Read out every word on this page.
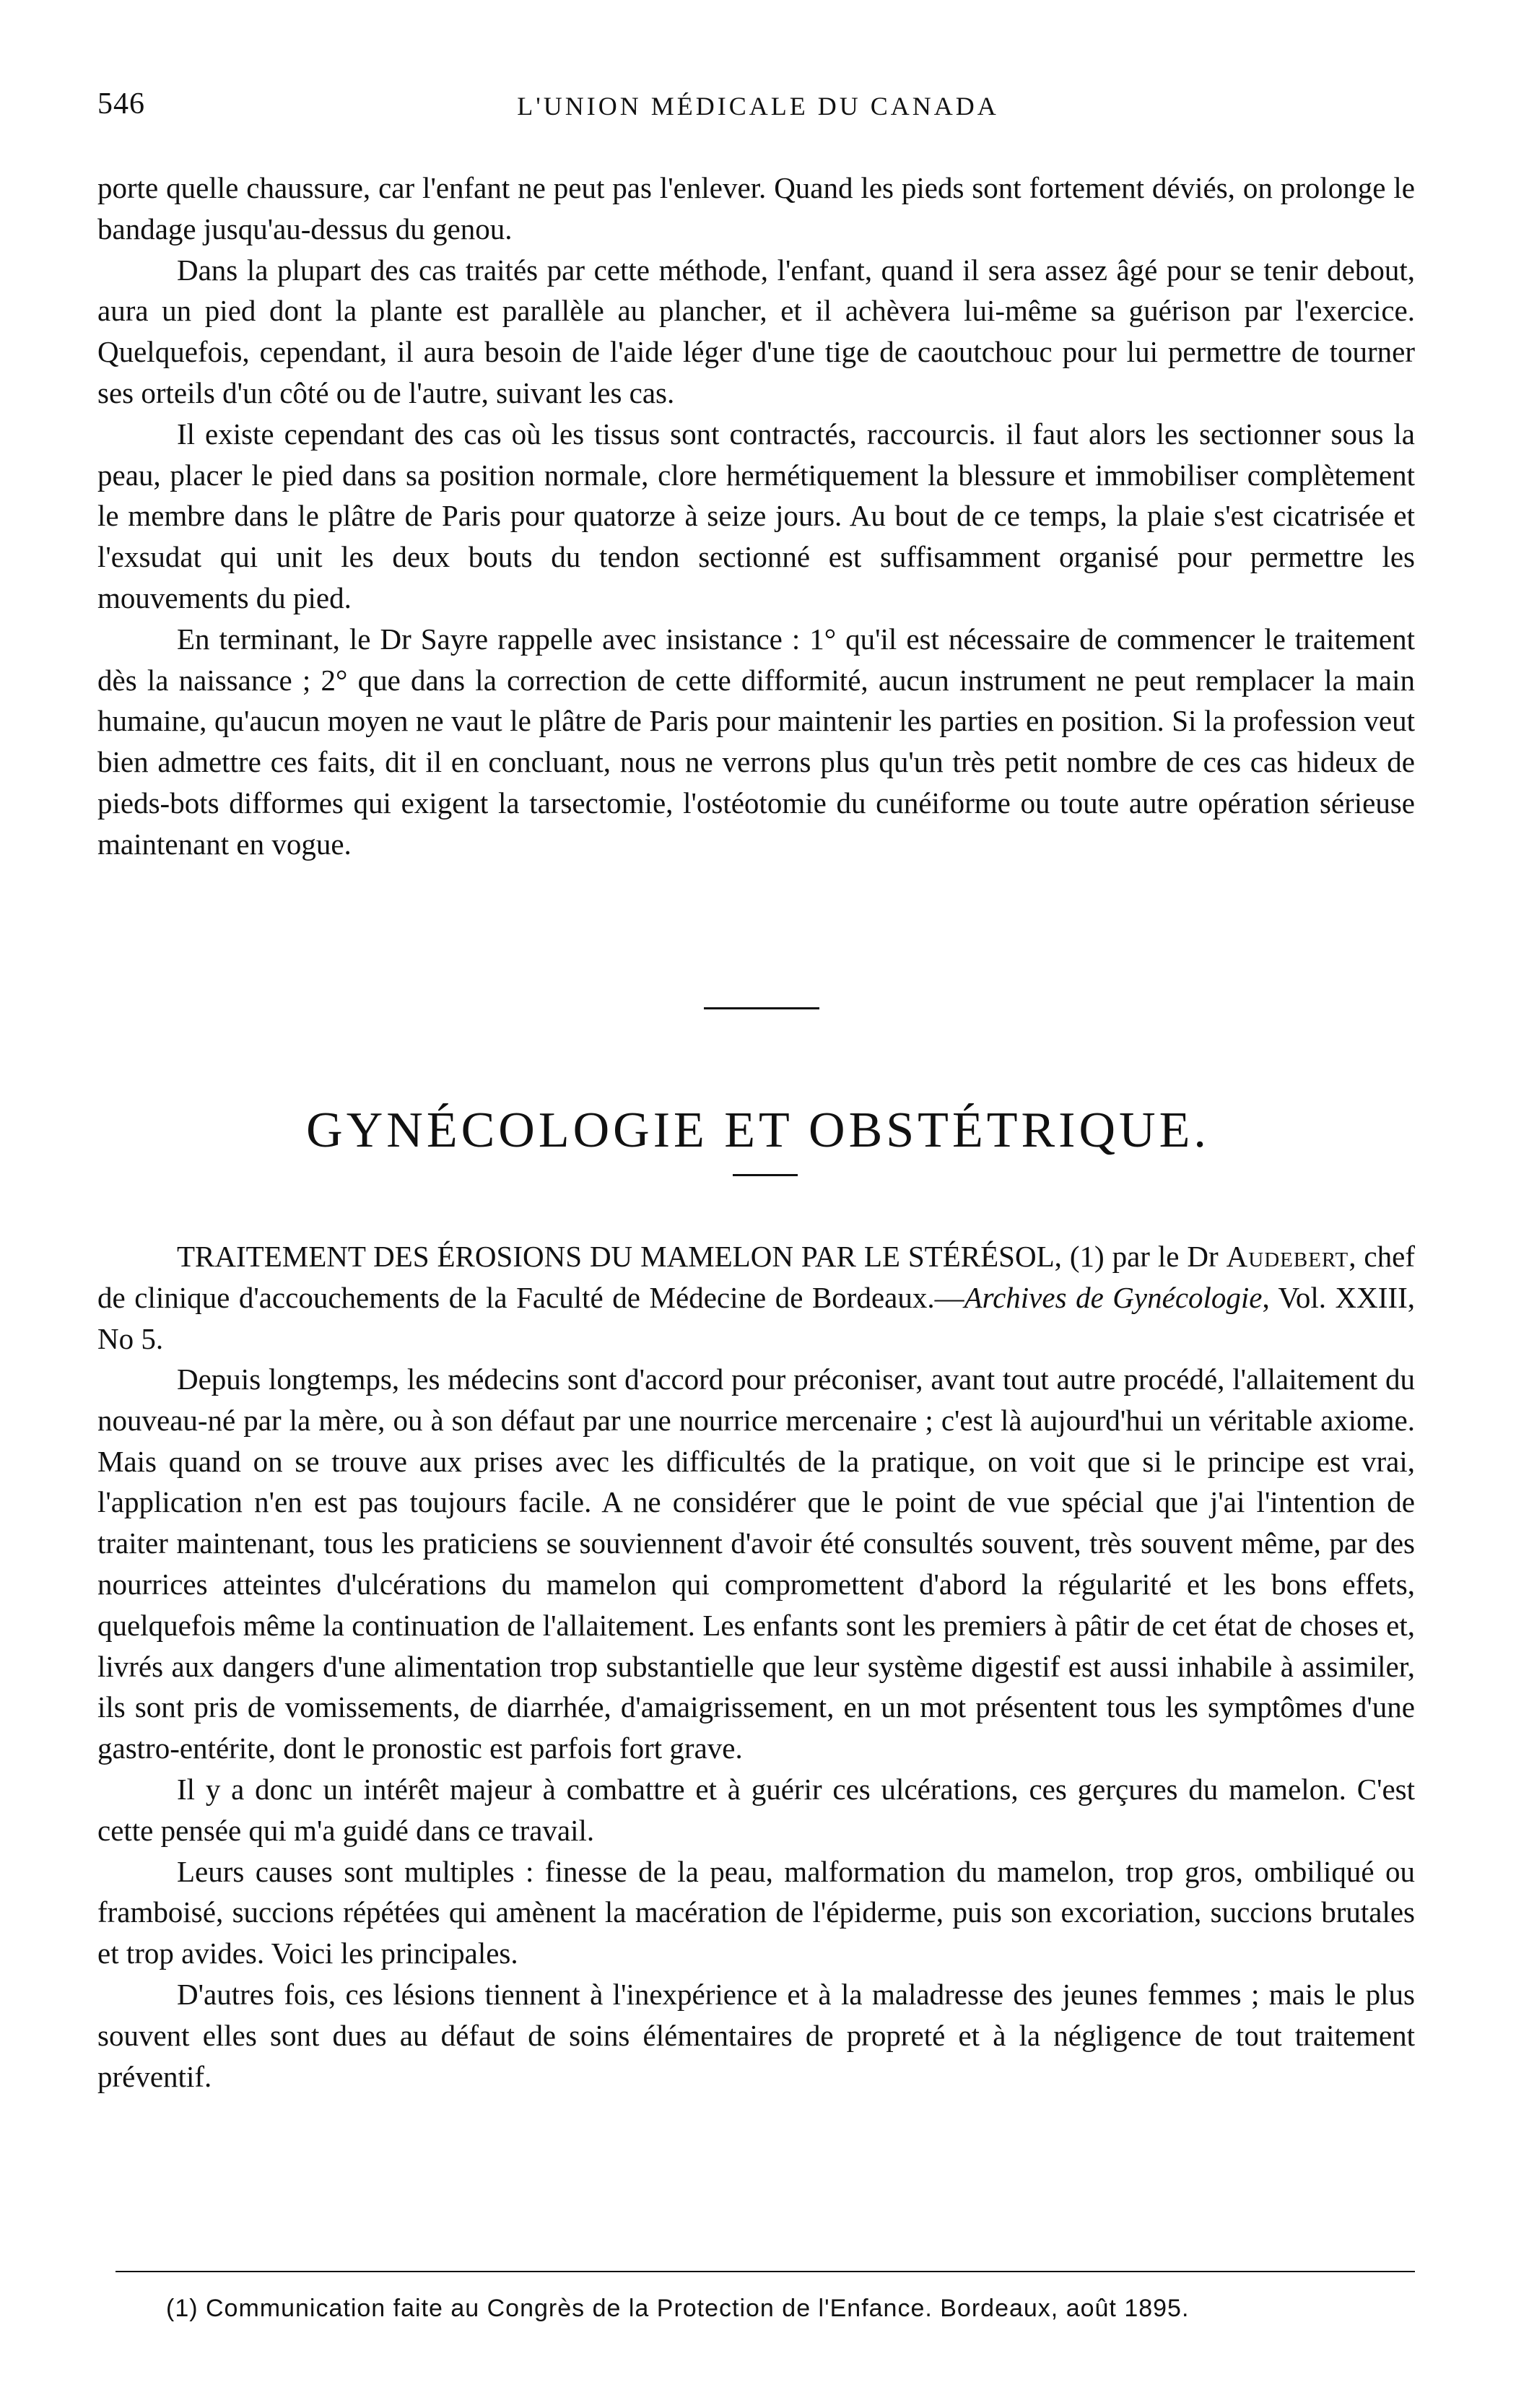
546	L'UNION MÉDICALE DU CANADA

porte quelle chaussure, car l'enfant ne peut pas l'enlever. Quand les pieds sont fortement déviés, on prolonge le bandage jusqu'au-dessus du genou.

Dans la plupart des cas traités par cette méthode, l'enfant, quand il sera assez âgé pour se tenir debout, aura un pied dont la plante est parallèle au plancher, et il achèvera lui-même sa guérison par l'exercice. Quelquefois, cependant, il aura besoin de l'aide léger d'une tige de caoutchouc pour lui permettre de tourner ses orteils d'un côté ou de l'autre, suivant les cas.

Il existe cependant des cas où les tissus sont contractés, raccourcis. il faut alors les sectionner sous la peau, placer le pied dans sa position normale, clore hermétiquement la blessure et immobiliser complètement le membre dans le plâtre de Paris pour quatorze à seize jours. Au bout de ce temps, la plaie s'est cicatrisée et l'exsudat qui unit les deux bouts du tendon sectionné est suffisamment organisé pour permettre les mouvements du pied.

En terminant, le Dr Sayre rappelle avec insistance : 1° qu'il est nécessaire de commencer le traitement dès la naissance ; 2° que dans la correction de cette difformité, aucun instrument ne peut remplacer la main humaine, qu'aucun moyen ne vaut le plâtre de Paris pour maintenir les parties en position. Si la profession veut bien admettre ces faits, dit il en concluant, nous ne verrons plus qu'un très petit nombre de ces cas hideux de pieds-bots difformes qui exigent la tarsectomie, l'ostéotomie du cunéiforme ou toute autre opération sérieuse maintenant en vogue.

GYNÉCOLOGIE ET OBSTÉTRIQUE.

TRAITEMENT DES ÉROSIONS DU MAMELON PAR LE STÉRÉSOL, (1) par le Dr Audebert, chef de clinique d'accouchements de la Faculté de Médecine de Bordeaux.—Archives de Gynécologie, Vol. XXIII, No 5.

Depuis longtemps, les médecins sont d'accord pour préconiser, avant tout autre procédé, l'allaitement du nouveau-né par la mère, ou à son défaut par une nourrice mercenaire ; c'est là aujourd'hui un véritable axiome. Mais quand on se trouve aux prises avec les difficultés de la pratique, on voit que si le principe est vrai, l'application n'en est pas toujours facile. A ne considérer que le point de vue spécial que j'ai l'intention de traiter maintenant, tous les praticiens se souviennent d'avoir été consultés souvent, très souvent même, par des nourrices atteintes d'ulcérations du mamelon qui compromettent d'abord la régularité et les bons effets, quelquefois même la continuation de l'allaitement. Les enfants sont les premiers à pâtir de cet état de choses et, livrés aux dangers d'une alimentation trop substantielle que leur système digestif est aussi inhabile à assimiler, ils sont pris de vomissements, de diarrhée, d'amaigrissement, en un mot présentent tous les symptômes d'une gastro-entérite, dont le pronostic est parfois fort grave.

Il y a donc un intérêt majeur à combattre et à guérir ces ulcérations, ces gerçures du mamelon. C'est cette pensée qui m'a guidé dans ce travail.

Leurs causes sont multiples : finesse de la peau, malformation du mamelon, trop gros, ombiliqué ou framboisé, succions répétées qui amènent la macération de l'épiderme, puis son excoriation, succions brutales et trop avides. Voici les principales.

D'autres fois, ces lésions tiennent à l'inexpérience et à la maladresse des jeunes femmes ; mais le plus souvent elles sont dues au défaut de soins élémentaires de propreté et à la négligence de tout traitement préventif.

(1) Communication faite au Congrès de la Protection de l'Enfance. Bordeaux, août 1895.
